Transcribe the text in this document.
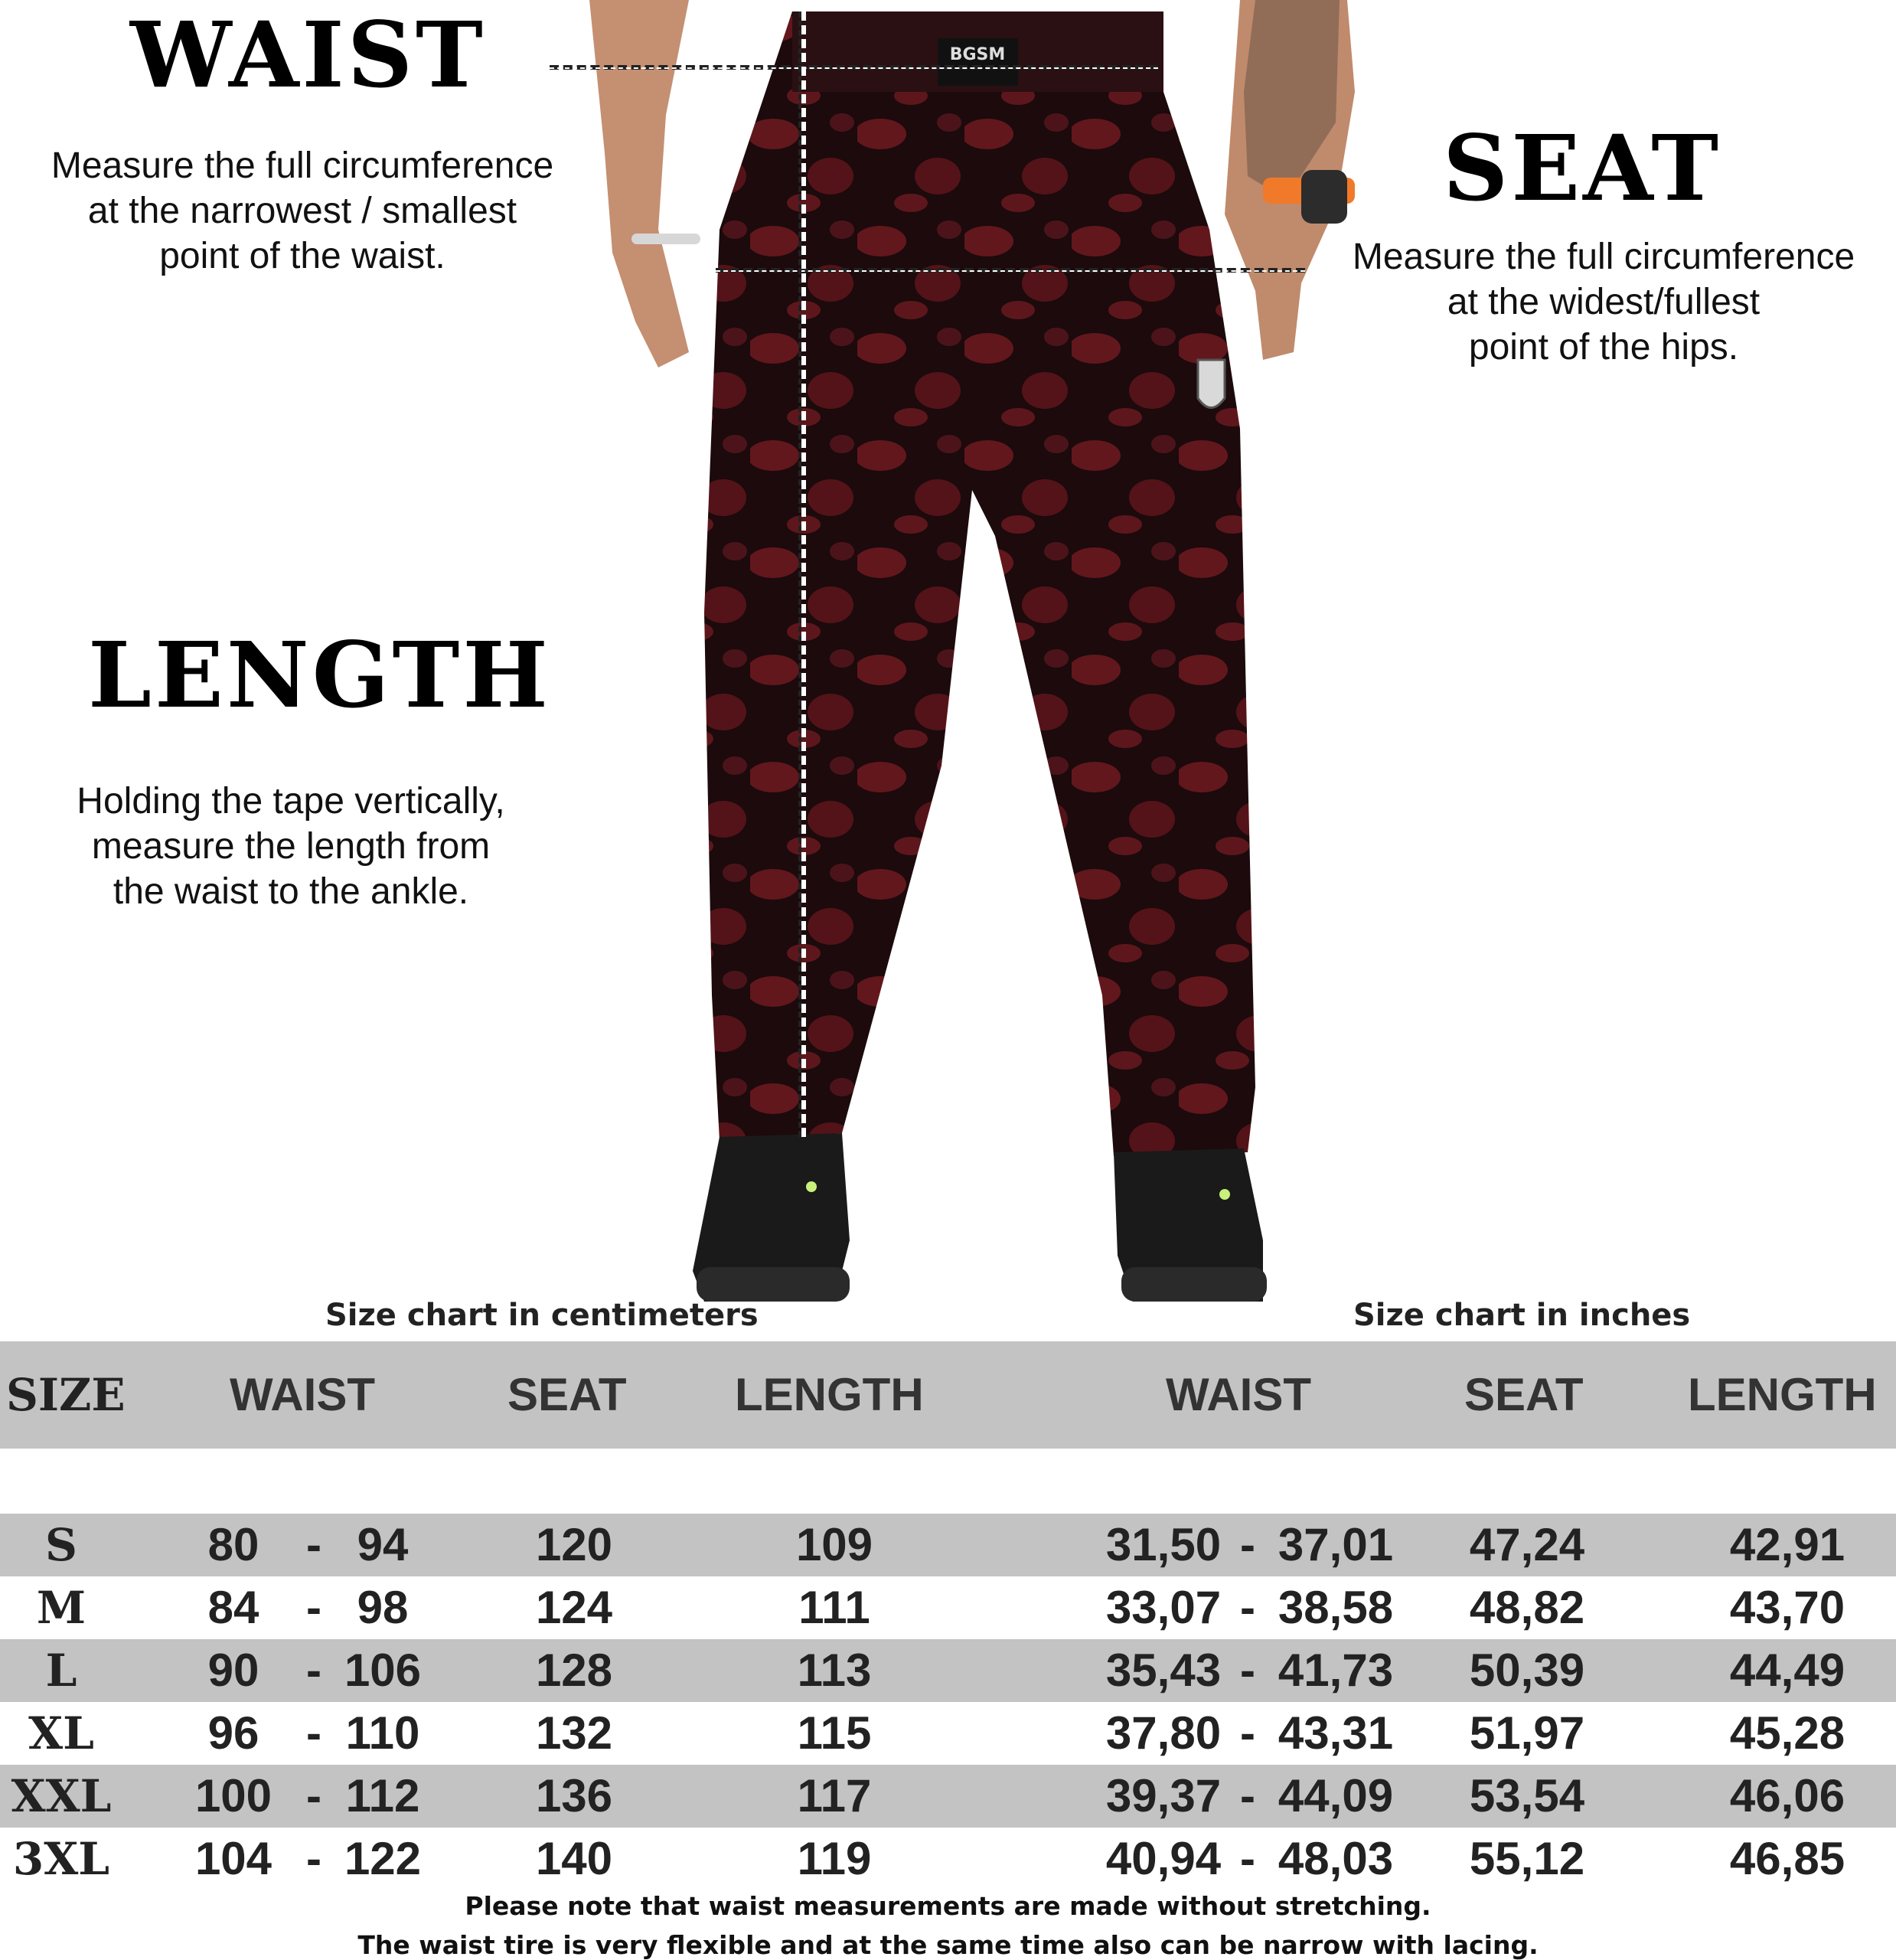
BGSM
WAIST
Measure the full circumference
at the narrowest / smallest
point of the waist.
SEAT
Measure the full circumference
at the widest/fullest
point of the hips.
LENGTH
Holding the tape vertically,
measure the length from
the waist to the ankle.
Size chart in centimeters	Size chart in inches
SIZE WAIST	SEAT LENGTH	WAIST	SEAT LENGTH
S	80	- 94	120	109	31,50 - 37,01	47,24	42,91
M	84	- 98	124	111	33,07 - 38,58	48,82	43,70
L	90	- 106	128	113	35,43 - 41,73	50,39	44,49
XL	96	- 110	132	115	37,80 - 43,31	51,97	45,28
XXL	100 - 112	136	117	39,37 - 44,09	53,54	46,06
3XL	104 - 122	140	119	40,94 - 48,03	55,12	46,85
Please note that waist measurements are made without stretching.
The waist tire is very flexible and at the same time also can be narrow with lacing.
